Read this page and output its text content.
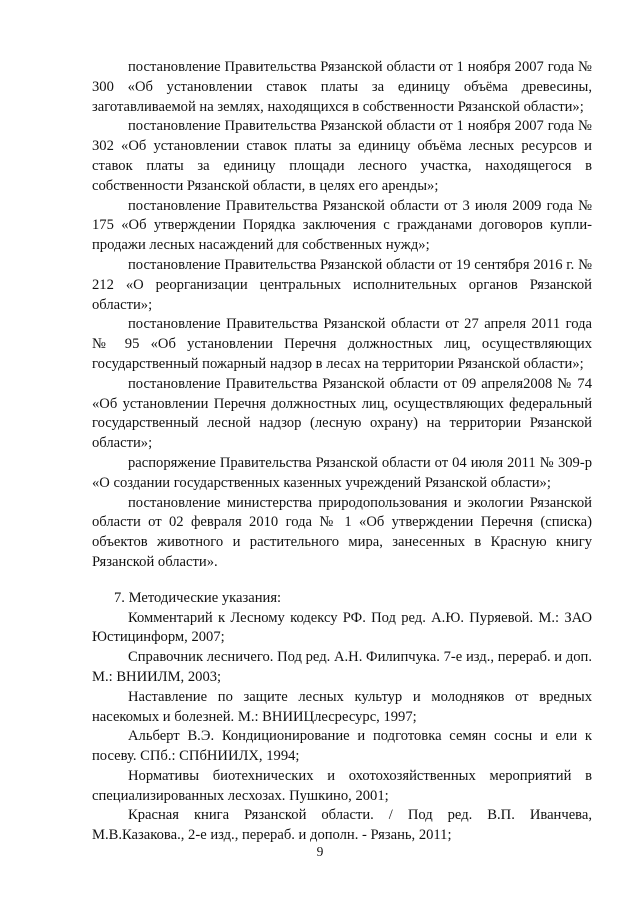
постановление Правительства Рязанской области от 1 ноября 2007 года № 300 «Об установлении ставок платы за единицу объёма древесины, заготавливаемой на землях, находящихся в собственности Рязанской области»;

постановление Правительства Рязанской области от 1 ноября 2007 года № 302 «Об установлении ставок платы за единицу объёма лесных ресурсов и ставок платы за единицу площади лесного участка, находящегося в собственности Рязанской области, в целях его аренды»;

постановление Правительства Рязанской области от 3 июля 2009 года № 175 «Об утверждении Порядка заключения с гражданами договоров купли-продажи лесных насаждений для собственных нужд»;

постановление Правительства Рязанской области от 19 сентября 2016 г. № 212 «О реорганизации центральных исполнительных органов Рязанской области»;

постановление Правительства Рязанской области от 27 апреля 2011 года № 95 «Об установлении Перечня должностных лиц, осуществляющих государственный пожарный надзор в лесах на территории Рязанской области»;

постановление Правительства Рязанской области от 09 апреля2008 № 74 «Об установлении Перечня должностных лиц, осуществляющих федеральный государственный лесной надзор (лесную охрану) на территории Рязанской области»;

распоряжение Правительства Рязанской области от 04 июля 2011 № 309-р «О создании государственных казенных учреждений Рязанской области»;

постановление министерства природопользования и экологии Рязанской области от 02 февраля 2010 года № 1 «Об утверждении Перечня (списка) объектов животного и растительного мира, занесенных в Красную книгу Рязанской области».

7. Методические указания:

Комментарий к Лесному кодексу РФ. Под ред. А.Ю. Пуряевой. М.: ЗАО Юстицинформ, 2007;

Справочник лесничего. Под ред. А.Н. Филипчука. 7-е изд., перераб. и доп. М.: ВНИИЛМ, 2003;

Наставление по защите лесных культур и молодняков от вредных насекомых и болезней. М.: ВНИИЦлесресурс, 1997;

Альберт В.Э. Кондиционирование и подготовка семян сосны и ели к посеву. СПб.: СПбНИИЛХ, 1994;

Нормативы биотехнических и охотохозяйственных мероприятий в специализированных лесхозах. Пушкино, 2001;

Красная книга Рязанской области. / Под ред. В.П. Иванчева, М.В.Казакова., 2-е изд., перераб. и дополн. - Рязань, 2011;

9
